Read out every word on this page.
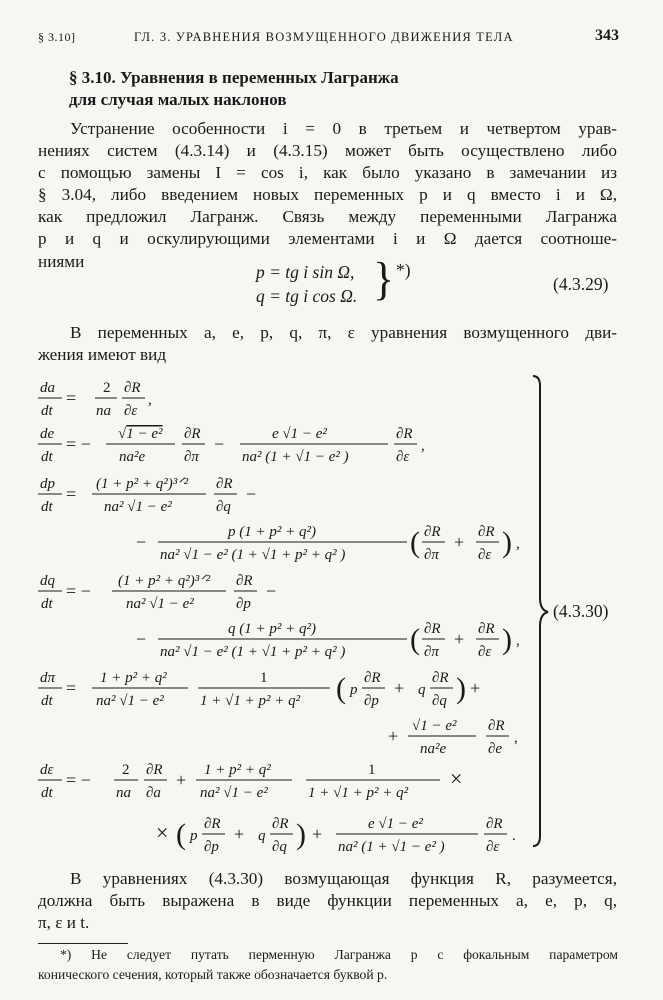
§ 3.10]	ГЛ. 3. УРАВНЕНИЯ ВОЗМУЩЕННОГО ДВИЖЕНИЯ ТЕЛА	343
§ 3.10. Уравнения в переменных Лагранжа
для случая малых наклонов
Устранение особенности i = 0 в третьем и четвертом урав-
нениях систем (4.3.14) и (4.3.15) может быть осуществлено либо
с помощью замены I = cos i, как было указано в замечании из
§ 3.04, либо введением новых переменных p и q вместо i и Ω,
как предложил Лагранж. Связь между переменными Лагранжа
p и q и оскулирующими элементами i и Ω дается соотноше-
ниями
p = tg i sin Ω,
q = tg i cos Ω. } *)
(4.3.29)
В переменных a, e, p, q, π, ε уравнения возмущенного дви-
жения имеют вид
da
dt
= 2
na
∂R
∂ε
,
de
dt
= − √1 − e²
na²e
∂R
∂π
−	e √1 − e²
na² (1 + √1 − e² )
∂R
∂ε
,
dp
dt
= (1 + p² + q²)³ᐟ²
na² √1 − e²
∂R
∂q
−
−	p (1 + p² + q²)
na² √1 − e² (1 + √1 + p² + q² ) ( ∂R
∂π
+ ∂R
∂ε ) ,
dq
dt
= − (1 + p² + q²)³ᐟ²
na² √1 − e²
∂R
∂p
−
−	q (1 + p² + q²)
na² √1 − e² (1 + √1 + p² + q² ) ( ∂R
∂π
+ ∂R
∂ε ) ,
dπ
dt
= 1 + p² + q²
na² √1 − e²
1
1 + √1 + p² + q² ( p
∂R
∂p
+ q
∂R
∂q ) +
+ √1 − e²
na²e
∂R
∂e
,
dε
dt
= − 2
na
∂R
∂a
+ 1 + p² + q²
na² √1 − e²
1
1 + √1 + p² + q²
×
× ( p
∂R
∂p
+ q
∂R
∂q ) +	e √1 − e²
na² (1 + √1 − e² )
∂R
∂ε
.
(4.3.30)
В уравнениях (4.3.30) возмущающая функция R, разумеется,
должна быть выражена в виде функции переменных a, e, p, q,
π, ε и t.
*) Не следует путать перменную Лагранжа p с фокальным параметром
конического сечения, который также обозначается буквой p.
